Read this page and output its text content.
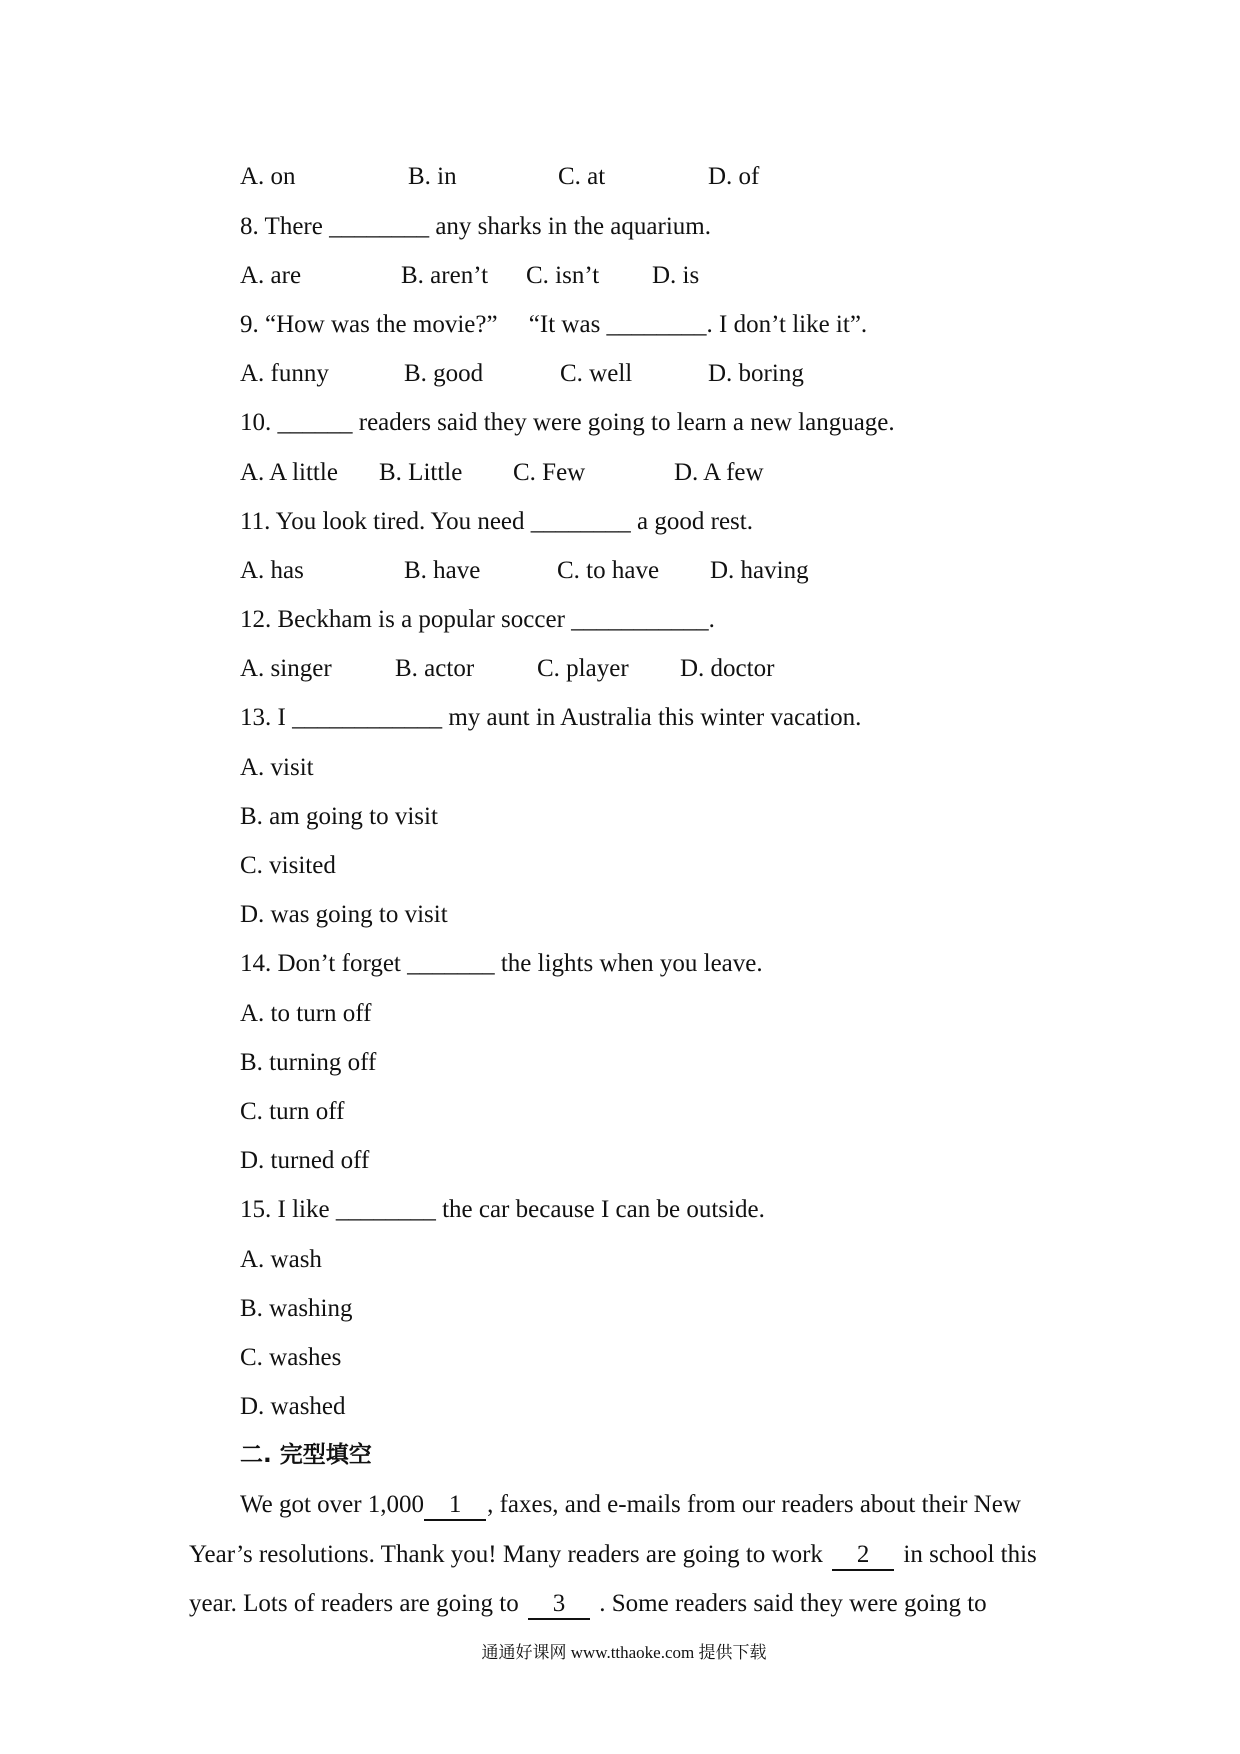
A. on

	B. in

	C. at

	D. of

8. There ________ any sharks in the aquarium.

A. are

	B. aren’t

C. isn’t

D. is

9. “How was the movie?”     “It was ________. I don’t like it”.

A. funny

	B. good

	C. well

	D. boring

10. ______ readers said they were going to learn a new language.

A. A little

B. Little

C. Few

	D. A few

11. You look tired. You need ________ a good rest.

A. has

	B. have

	C. to have

D. having

12. Beckham is a popular soccer ___________.

A. singer

	B. actor

	C. player

D. doctor

13. I ____________ my aunt in Australia this winter vacation.
A. visit
B. am going to visit
C. visited
D. was going to visit
14. Don’t forget _______ the lights when you leave.
A. to turn off
B. turning off
C. turn off
D. turned off
15. I like ________ the car because I can be outside.
A. wash
B. washing
C. washes
D. washed
二. 完型填空
We got over 1,000 1 , faxes, and e-mails from our readers about their New
Year’s resolutions. Thank you! Many readers are going to work 2 in school this
year. Lots of readers are going to 3 . Some readers said they were going to
通通好课网 www.tthaoke.com 提供下载
